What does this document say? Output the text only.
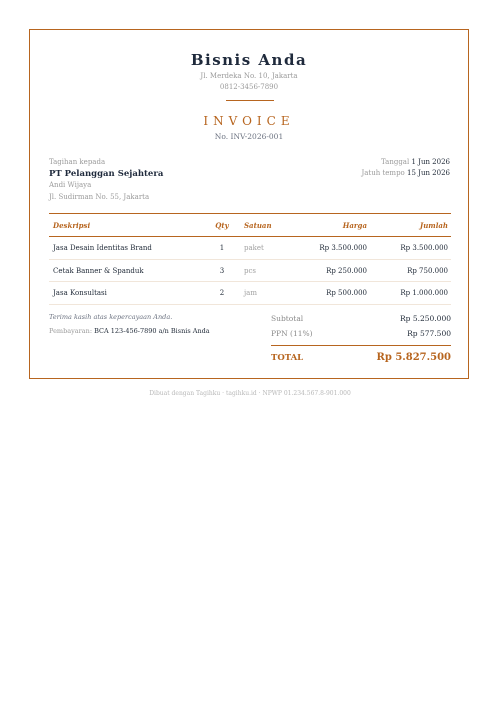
Bisnis Anda
Jl. Merdeka No. 10, Jakarta
0812-3456-7890
INVOICE
No. INV-2026-001
Tagihan kepada
PT Pelanggan Sejahtera
Andi Wijaya
Jl. Sudirman No. 55, Jakarta
Tanggal 1 Jun 2026
Jatuh tempo 15 Jun 2026
Deskripsi	Qty	Satuan	Harga	Jumlah
Jasa Desain Identitas Brand	1	paket	Rp 3.500.000	Rp 3.500.000
Cetak Banner & Spanduk	3	pcs	Rp 250.000	Rp 750.000
Jasa Konsultasi	2	jam	Rp 500.000	Rp 1.000.000
Terima kasih atas kepercayaan Anda.
Pembayaran: BCA 123-456-7890 a/n Bisnis Anda
Subtotal	Rp 5.250.000
PPN (11%)	Rp 577.500
TOTAL	Rp 5.827.500
Dibuat dengan Tagihku · tagihku.id · NPWP 01.234.567.8-901.000
